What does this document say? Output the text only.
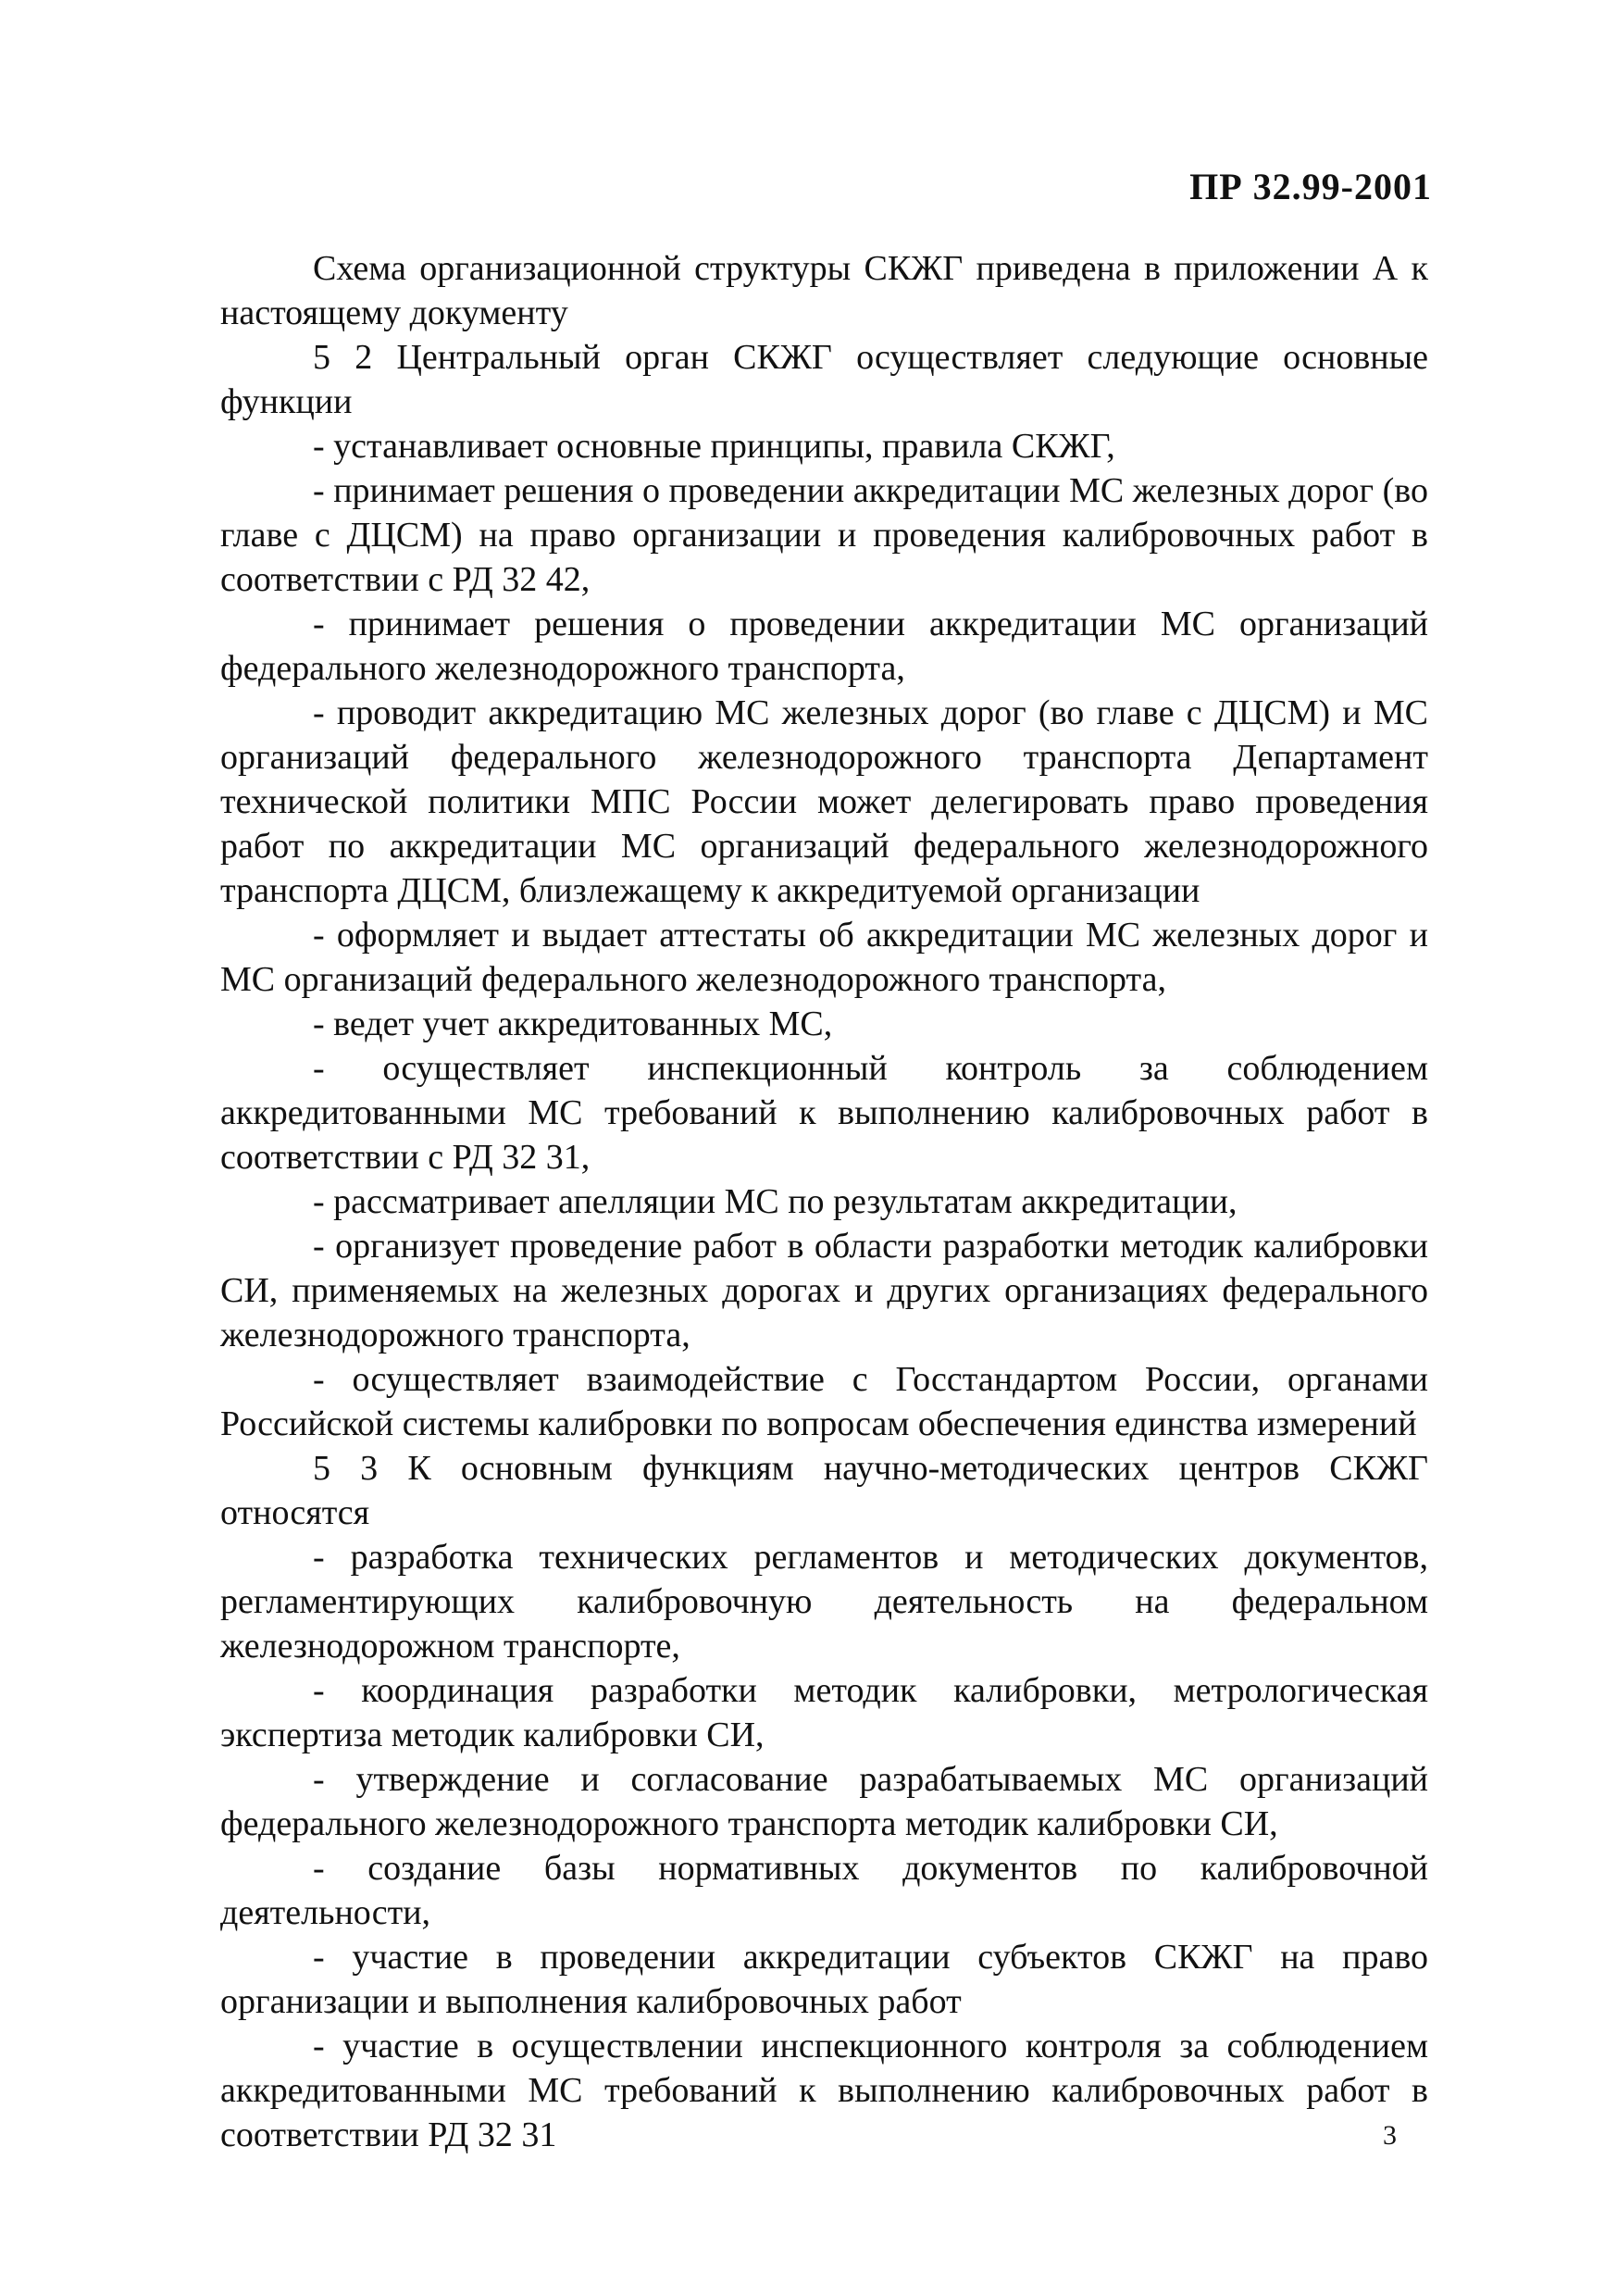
ПР 32.99-2001

Схема организационной структуры СКЖГ приведена в приложении А к настоящему документу

5 2 Центральный орган СКЖГ осуществляет следующие основные функции

- устанавливает основные принципы, правила СКЖГ,

- принимает решения о проведении аккредитации МС железных дорог (во главе с ДЦСМ) на право организации и проведения калибровочных работ в соответствии с РД 32 42,

- принимает решения о проведении аккредитации МС организаций федерального железнодорожного транспорта,

- проводит аккредитацию МС железных дорог (во главе с ДЦСМ) и МС организаций федерального железнодорожного транспорта Департамент технической политики МПС России может делегировать право проведения работ по аккредитации МС организаций федерального железнодорожного транспорта ДЦСМ, близлежащему к аккредитуемой организации

- оформляет и выдает аттестаты об аккредитации МС железных дорог и МС организаций федерального железнодорожного транспорта,

- ведет учет аккредитованных МС,

- осуществляет инспекционный контроль за соблюдением аккредитованными МС требований к выполнению калибровочных работ в соответствии с РД 32 31,

- рассматривает апелляции МС по результатам аккредитации,

- организует проведение работ в области разработки методик калибровки СИ, применяемых на железных дорогах и других организациях федерального железнодорожного транспорта,

- осуществляет взаимодействие с Госстандартом России, органами Российской системы калибровки по вопросам обеспечения единства измерений

5 3 К основным функциям научно-методических центров СКЖГ относятся

- разработка технических регламентов и методических документов, регламентирующих калибровочную деятельность на федеральном железнодорожном транспорте,

- координация разработки методик калибровки, метрологическая экспертиза методик калибровки СИ,

- утверждение и согласование разрабатываемых МС организаций федерального железнодорожного транспорта методик калибровки СИ,

- создание базы нормативных документов по калибровочной деятельности,

- участие в проведении аккредитации субъектов СКЖГ на право организации и выполнения калибровочных работ

- участие в осуществлении инспекционного контроля за соблюдением аккредитованными МС требований к выполнению калибровочных работ в соответствии РД 32 31	3
